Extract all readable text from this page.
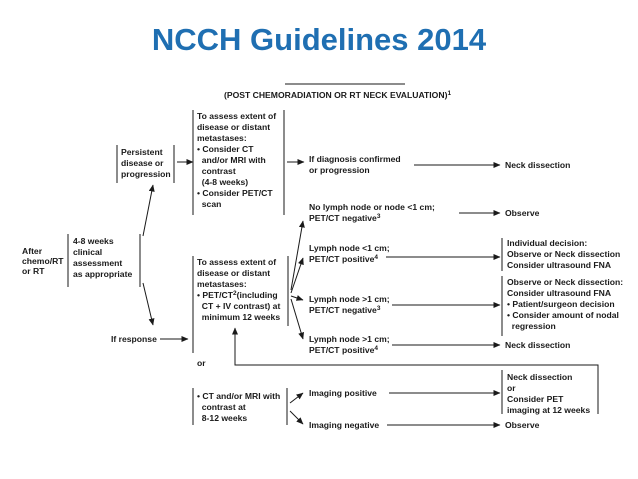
NCCH Guidelines 2014
(POST CHEMORADIATION OR RT NECK EVALUATION)$^1$
After
chemo/RT
or RT
4-8 weeks
clinical
assessment
as appropriate
Persistent
disease or
progression
To assess extent of
disease or distant
metastases:
• Consider CT
and/or MRI with
contrast
(4-8 weeks)
• Consider PET/CT
scan
If diagnosis confirmed
or progression	Neck dissection
If response
To assess extent of
disease or distant
metastases:
• PET/$CT^2(including$
CT + IV contrast) at
minimum 12 weeks
or
No lymph node or node <1 cm;
PET/CT negative$^3$	Observe
Lymph node <1 cm;
PET/CT positive$^4$
Individual decision:
Observe or Neck dissection
Consider ultrasound FNA
Lymph node >1 cm;
PET/CT negative$^3$
Observe or Neck dissection:
Consider ultrasound FNA
• Patient/surgeon decision
• Consider amount of nodal
regression
Lymph node >1 cm;
PET/CT positive$^4$	Neck dissection
• CT and/or MRI with
contrast at
8-12 weeks
Imaging positive
Neck dissection
or
Consider PET
imaging at 12 weeks
Imaging negative	Observe
